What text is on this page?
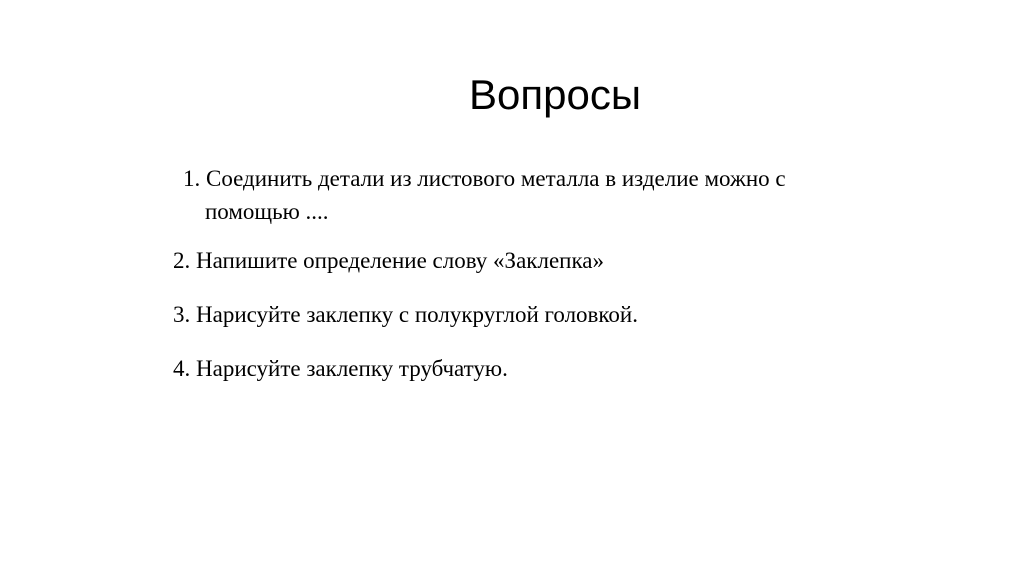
Вопросы
1. Соединить детали из листового металла в изделие можно с
помощью ....
2. Напишите определение слову «Заклепка»
3. Нарисуйте заклепку с полукруглой головкой.
4. Нарисуйте заклепку трубчатую.
